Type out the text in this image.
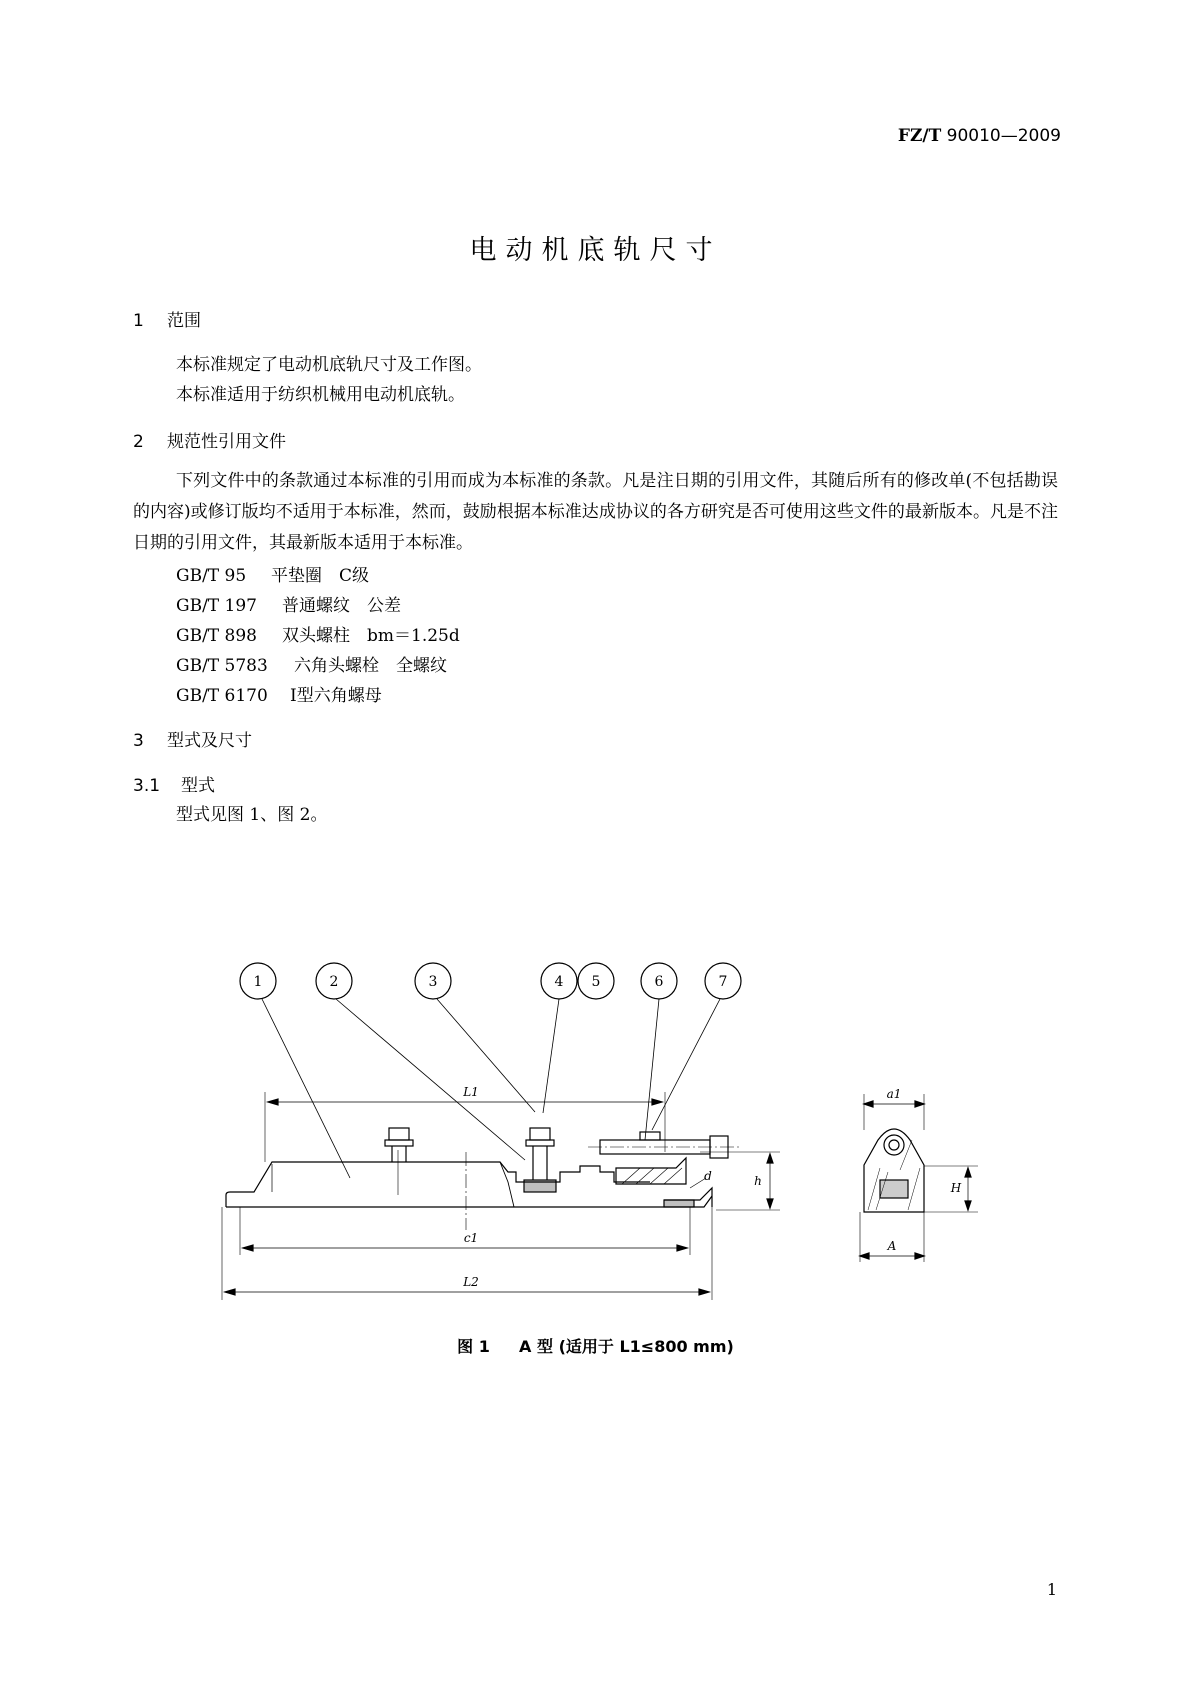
FZ/T 90010—2009
电动机底轨尺寸
1 范围
本标准规定了电动机底轨尺寸及工作图。
本标准适用于纺织机械用电动机底轨。
2 规范性引用文件
下列文件中的条款通过本标准的引用而成为本标准的条款。凡是注日期的引用文件，其随后所有的修改单(不包括勘误的内容)或修订版均不适用于本标准，然而，鼓励根据本标准达成协议的各方研究是否可使用这些文件的最新版本。凡是不注日期的引用文件，其最新版本适用于本标准。
GB/T 95 平垫圈　C级
GB/T 197 普通螺纹　公差
GB/T 898 双头螺柱　bm＝1.25d
GB/T 5783 六角头螺栓　全螺纹
GB/T 6170 Ⅰ型六角螺母
3 型式及尺寸
3.1 型式
型式见图 1、图 2。
1	2	3	4 5	6	7
L1
c1
L2
h
d
a1
H
A
图 1 A 型 (适用于 L1≤800 mm)
1
